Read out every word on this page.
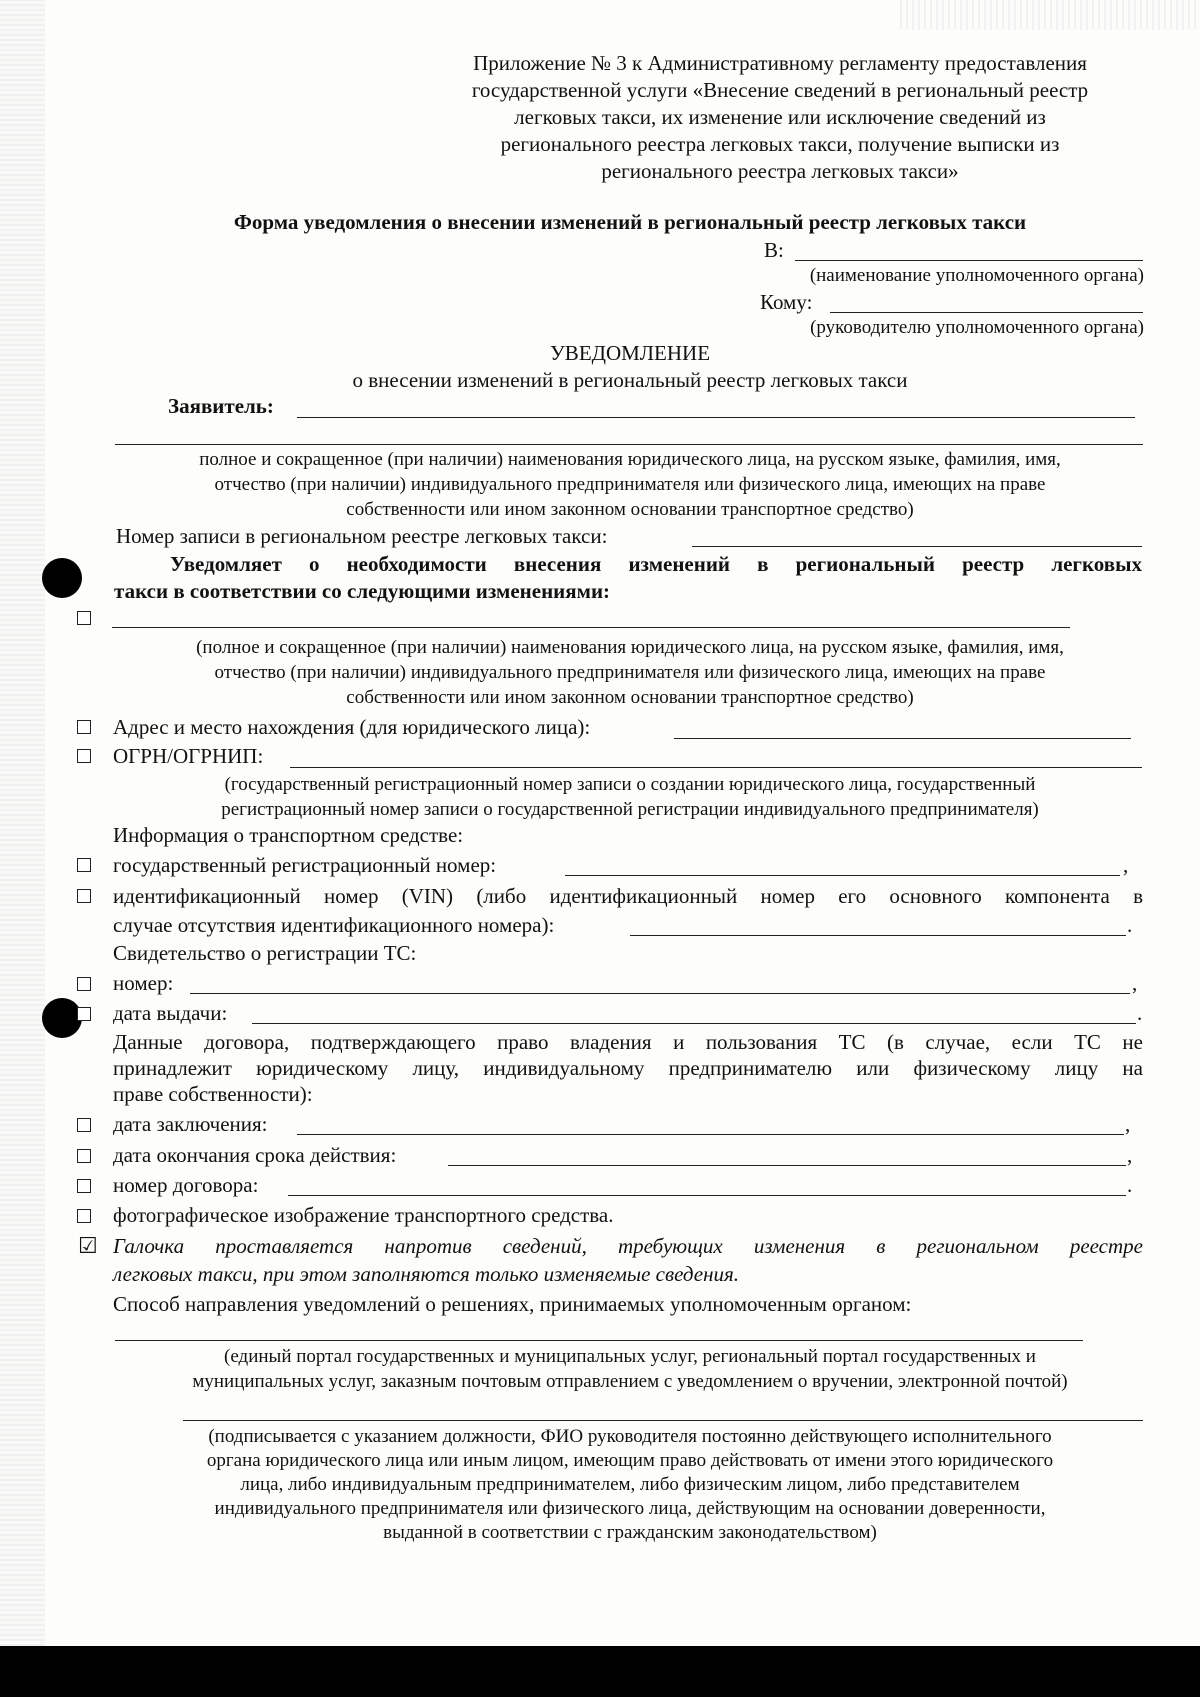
Приложение № 3 к Административному регламенту предоставления
государственной услуги «Внесение сведений в региональный реестр
легковых такси, их изменение или исключение сведений из
регионального реестра легковых такси, получение выписки из
регионального реестра легковых такси»
Форма уведомления о внесении изменений в региональный реестр легковых такси
В:
(наименование уполномоченного органа)
Кому:
(руководителю уполномоченного органа)
УВЕДОМЛЕНИЕ
о внесении изменений в региональный реестр легковых такси
Заявитель:
полное и сокращенное (при наличии) наименования юридического лица, на русском языке, фамилия, имя,
отчество (при наличии) индивидуального предпринимателя или физического лица, имеющих на праве
собственности или ином законном основании транспортное средство)
Номер записи в региональном реестре легковых такси:
Уведомляет о необходимости внесения изменений в региональный реестр легковых
такси в соответствии со следующими изменениями:
(полное и сокращенное (при наличии) наименования юридического лица, на русском языке, фамилия, имя,
отчество (при наличии) индивидуального предпринимателя или физического лица, имеющих на праве
собственности или ином законном основании транспортное средство)
Адрес и место нахождения (для юридического лица):
ОГРН/ОГРНИП:
(государственный регистрационный номер записи о создании юридического лица, государственный
регистрационный номер записи о государственной регистрации индивидуального предпринимателя)
Информация о транспортном средстве:
государственный регистрационный номер:	,
идентификационный номер (VIN) (либо идентификационный номер его основного компонента в
случае отсутствия идентификационного номера):	.
Свидетельство о регистрации ТС:
номер:	,
дата выдачи:	.
Данные договора, подтверждающего право владения и пользования ТС (в случае, если ТС не
принадлежит юридическому лицу, индивидуальному предпринимателю или физическому лицу на
праве собственности):
дата заключения:	,
дата окончания срока действия:	,
номер договора:	.
фотографическое изображение транспортного средства.
☑ Галочка проставляется напротив сведений, требующих изменения в региональном реестре
легковых такси, при этом заполняются только изменяемые сведения.
Способ направления уведомлений о решениях, принимаемых уполномоченным органом:
(единый портал государственных и муниципальных услуг, региональный портал государственных и
муниципальных услуг, заказным почтовым отправлением с уведомлением о вручении, электронной почтой)
(подписывается с указанием должности, ФИО руководителя постоянно действующего исполнительного
органа юридического лица или иным лицом, имеющим право действовать от имени этого юридического
лица, либо индивидуальным предпринимателем, либо физическим лицом, либо представителем
индивидуального предпринимателя или физического лица, действующим на основании доверенности,
выданной в соответствии с гражданским законодательством)
